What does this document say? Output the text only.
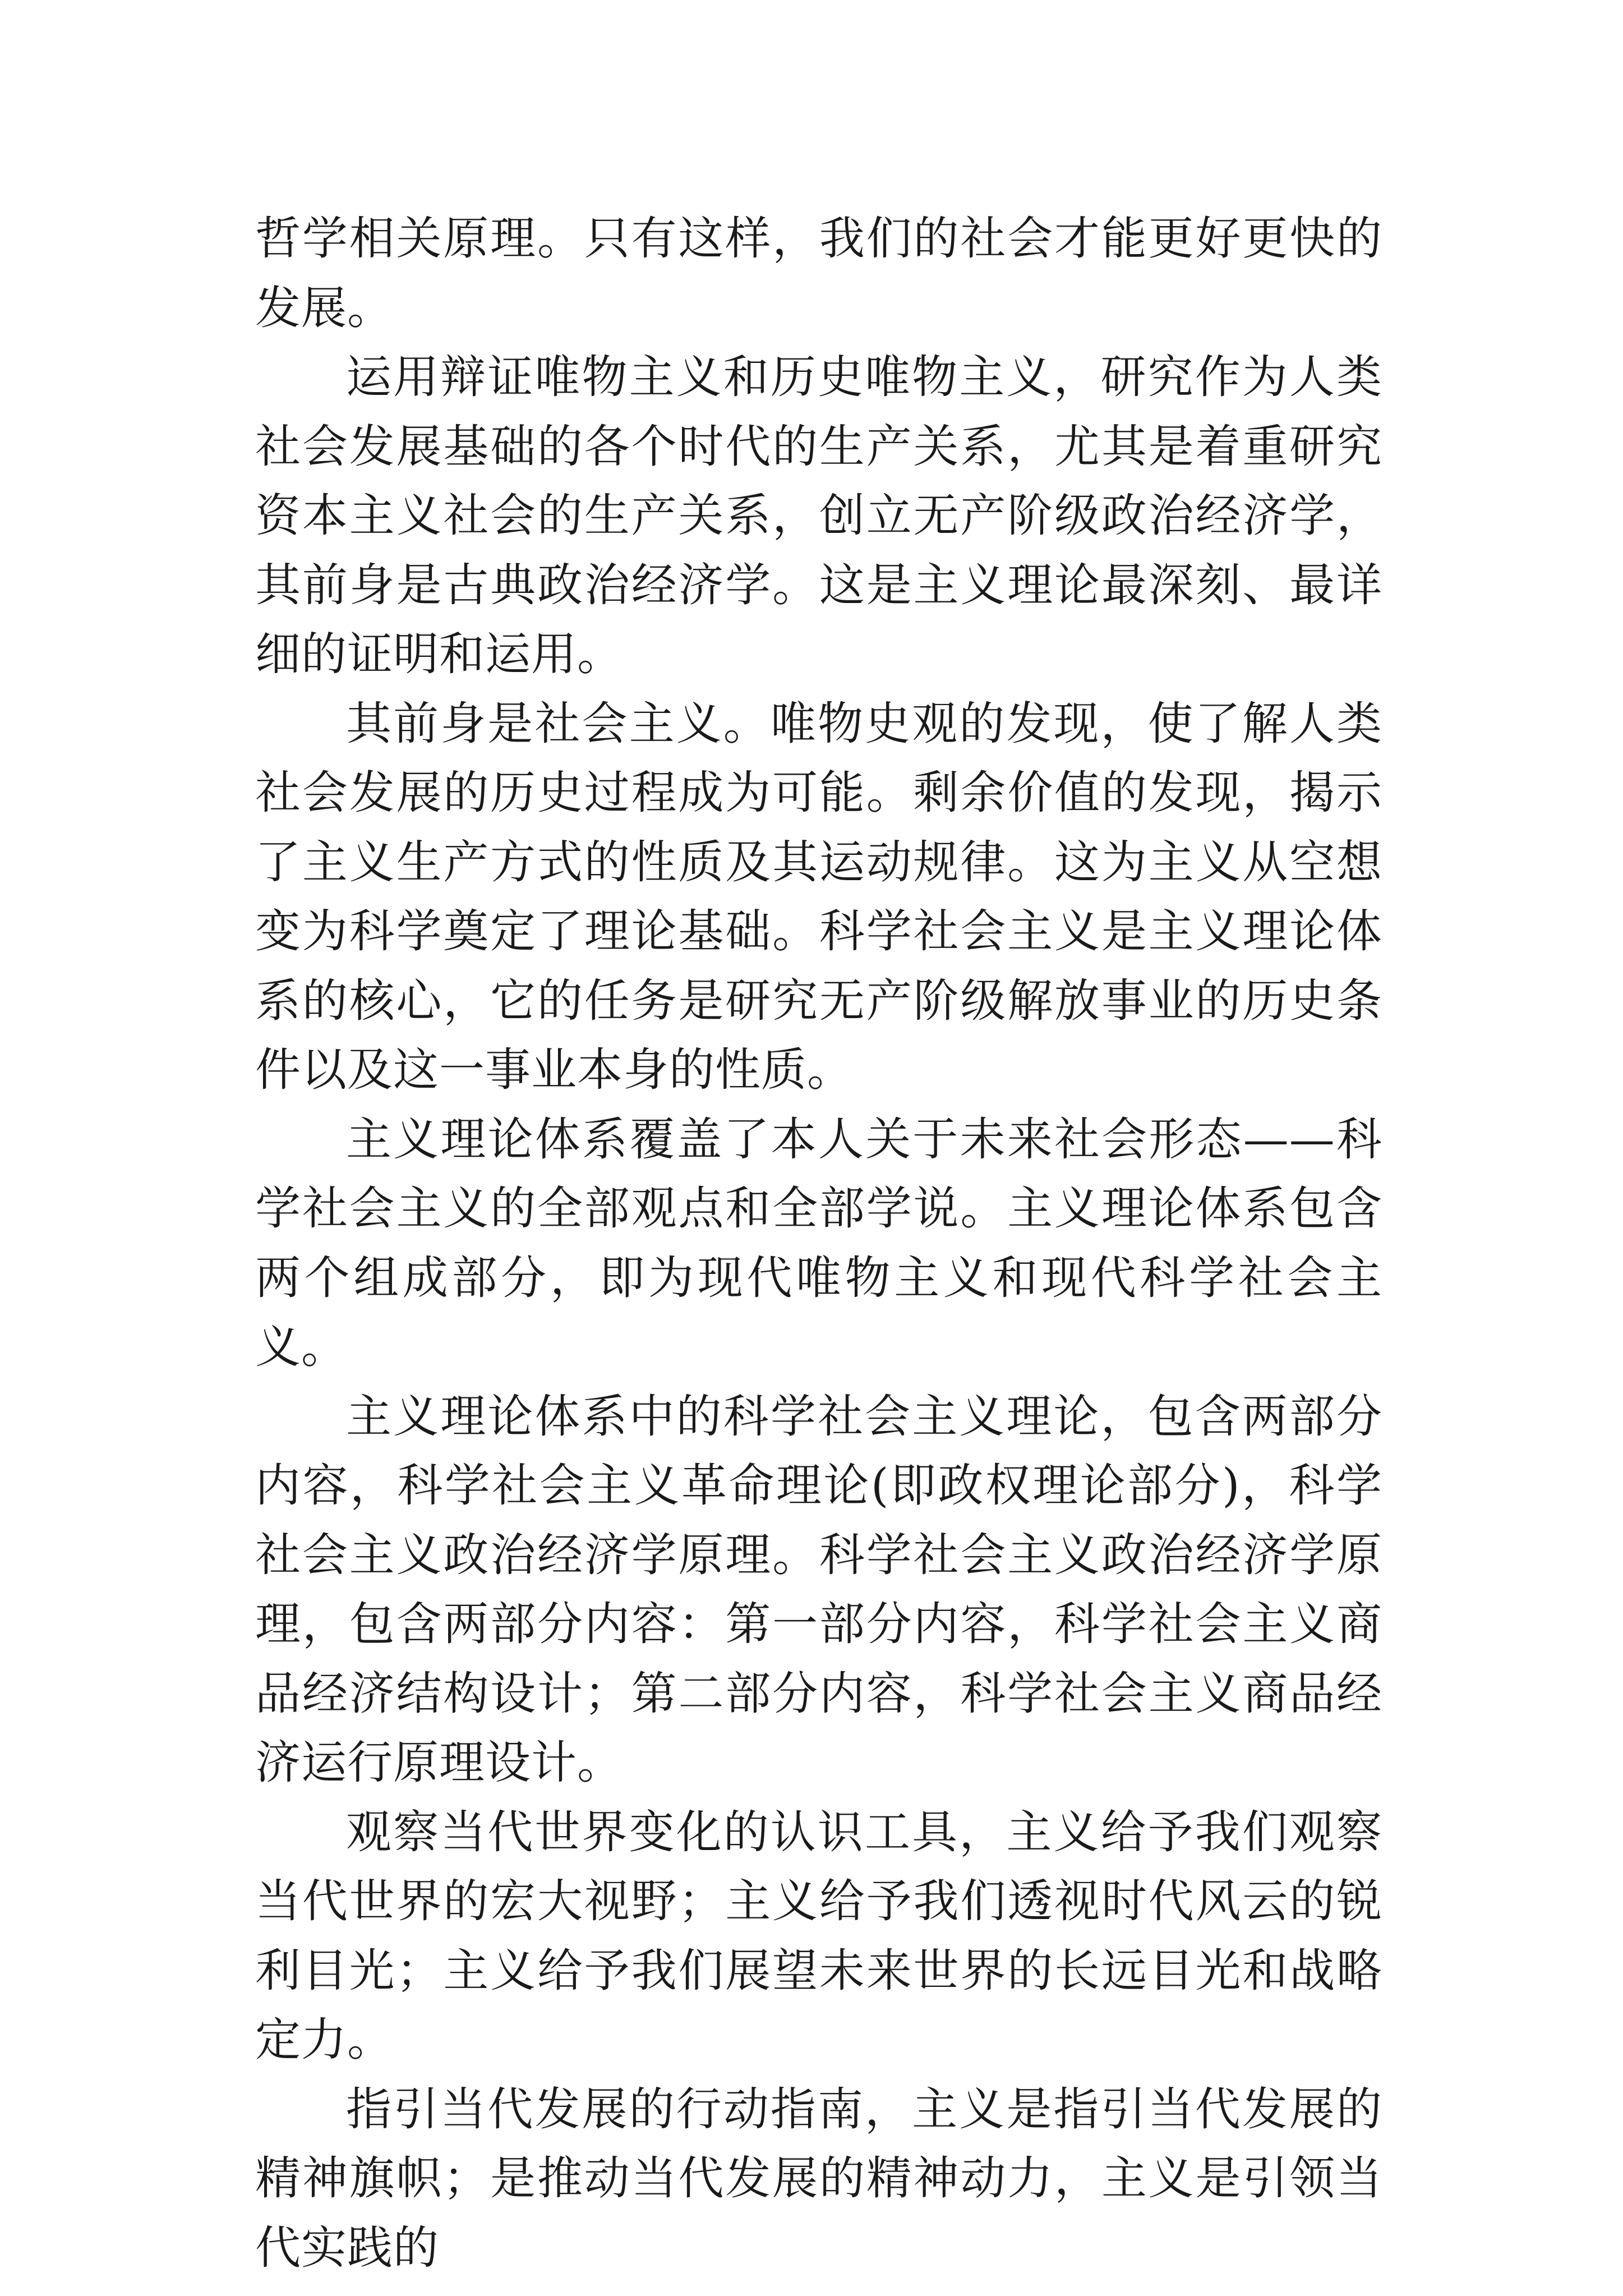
哲学相关原理。只有这样，我们的社会才能更好更快的发展。

运用辩证唯物主义和历史唯物主义，研究作为人类社会发展基础的各个时代的生产关系，尤其是着重研究资本主义社会的生产关系，创立无产阶级政治经济学，其前身是古典政治经济学。这是主义理论最深刻、最详细的证明和运用。

其前身是社会主义。唯物史观的发现，使了解人类社会发展的历史过程成为可能。剩余价值的发现，揭示了主义生产方式的性质及其运动规律。这为主义从空想变为科学奠定了理论基础。科学社会主义是主义理论体系的核心，它的任务是研究无产阶级解放事业的历史条件以及这一事业本身的性质。

主义理论体系覆盖了本人关于未来社会形态——科学社会主义的全部观点和全部学说。主义理论体系包含两个组成部分，即为现代唯物主义和现代科学社会主义。

主义理论体系中的科学社会主义理论，包含两部分内容，科学社会主义革命理论(即政权理论部分)，科学社会主义政治经济学原理。科学社会主义政治经济学原理，包含两部分内容：第一部分内容，科学社会主义商品经济结构设计；第二部分内容，科学社会主义商品经济运行原理设计。

观察当代世界变化的认识工具，主义给予我们观察当代世界的宏大视野；主义给予我们透视时代风云的锐利目光；主义给予我们展望未来世界的长远目光和战略定力。

指引当代发展的行动指南，主义是指引当代发展的精神旗帜；是推动当代发展的精神动力，主义是引领当代实践的
